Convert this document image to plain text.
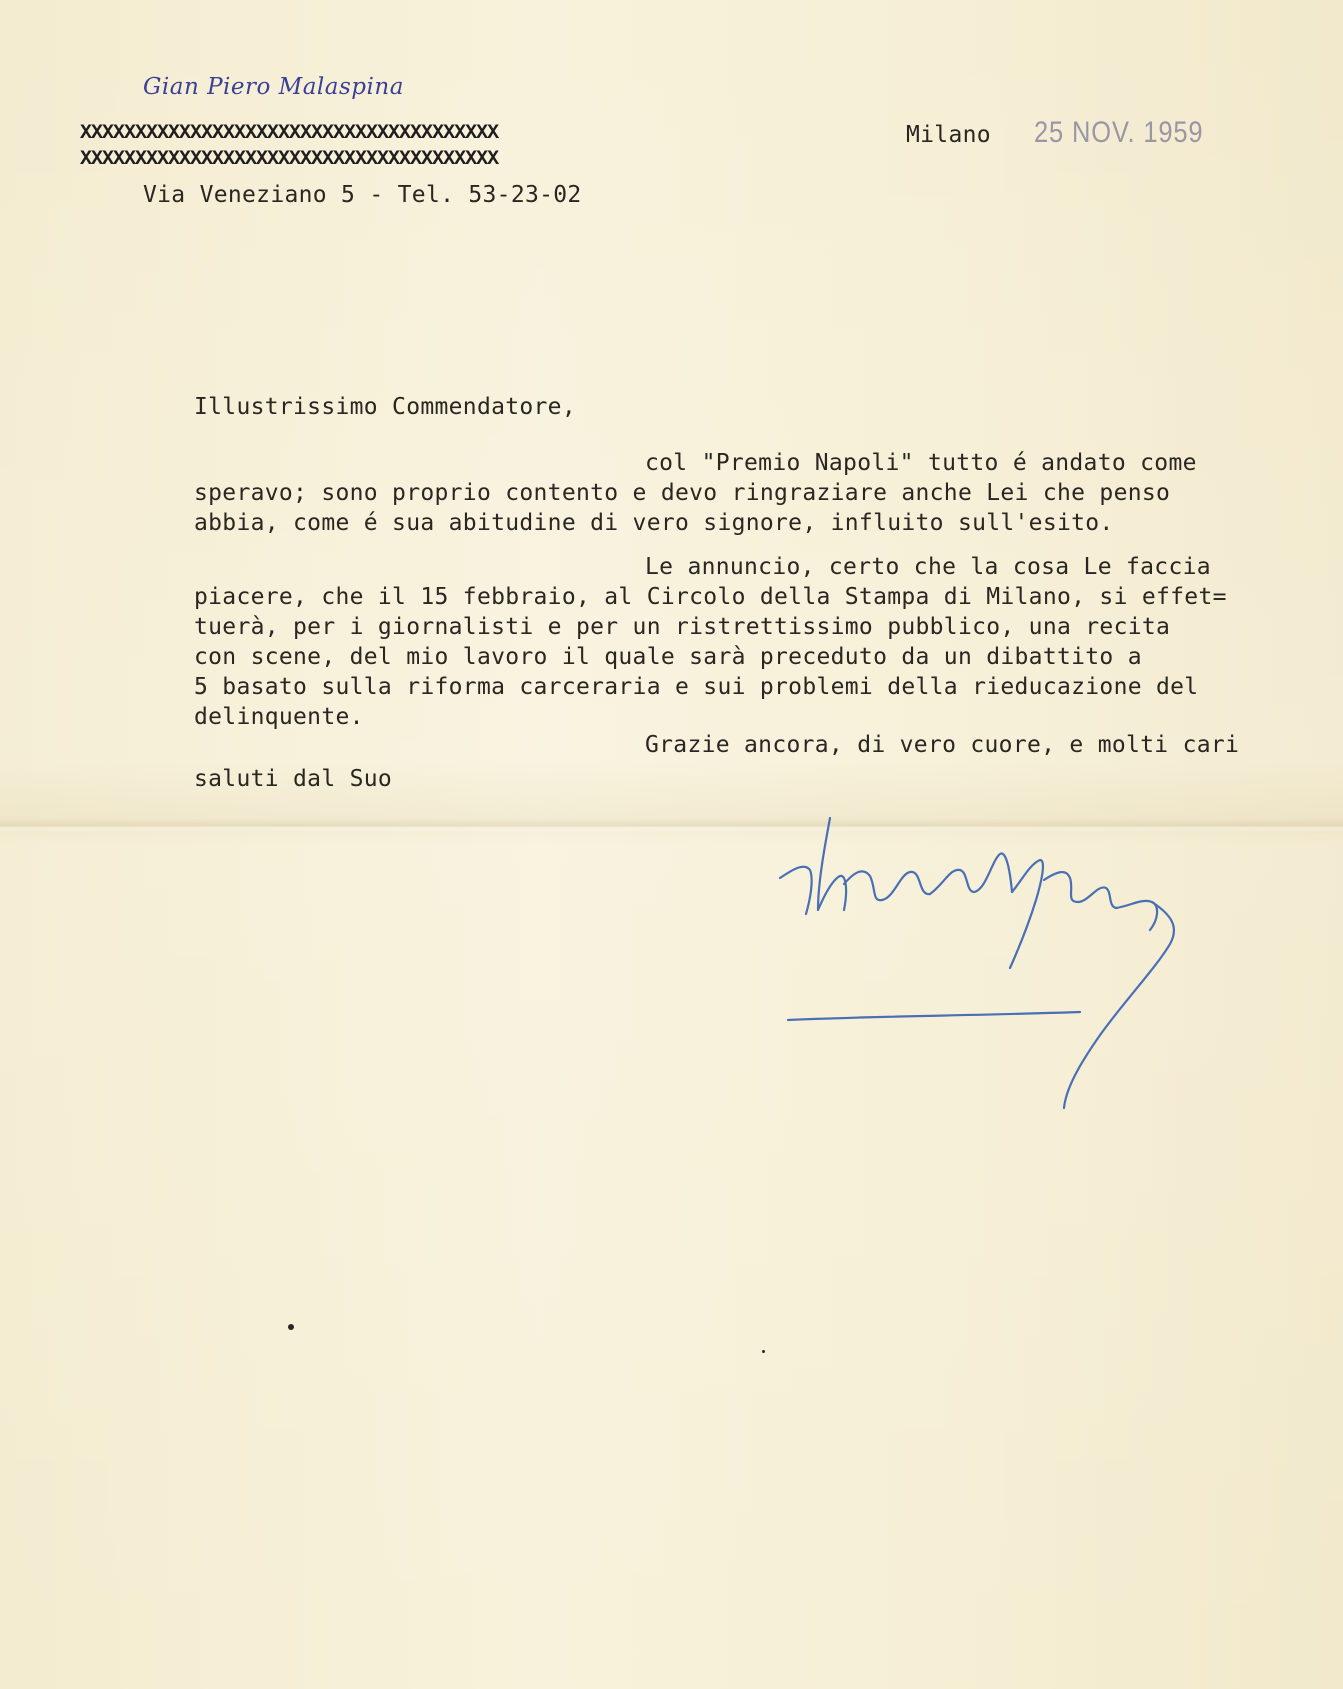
Gian Piero Malaspina
XXXXXXXXXXXXXXXXXXXXXXXXXXXXXXXXXXXXXX
XXXXXXXXXXXXXXXXXXXXXXXXXXXXXXXXXXXXXX
Via Veneziano 5 - Tel. 53-23-02
Milano 25 NOV. 1959
Illustrissimo Commendatore,
col "Premio Napoli" tutto é andato come
speravo; sono proprio contento e devo ringraziare anche Lei che penso
abbia, come é sua abitudine di vero signore, influito sull'esito.
Le annuncio, certo che la cosa Le faccia
piacere, che il 15 febbraio, al Circolo della Stampa di Milano, si effet=
tuerà, per i giornalisti e per un ristrettissimo pubblico, una recita
con scene, del mio lavoro il quale sarà preceduto da un dibattito a
5 basato sulla riforma carceraria e sui problemi della rieducazione del
delinquente.
Grazie ancora, di vero cuore, e molti cari
saluti dal Suo
